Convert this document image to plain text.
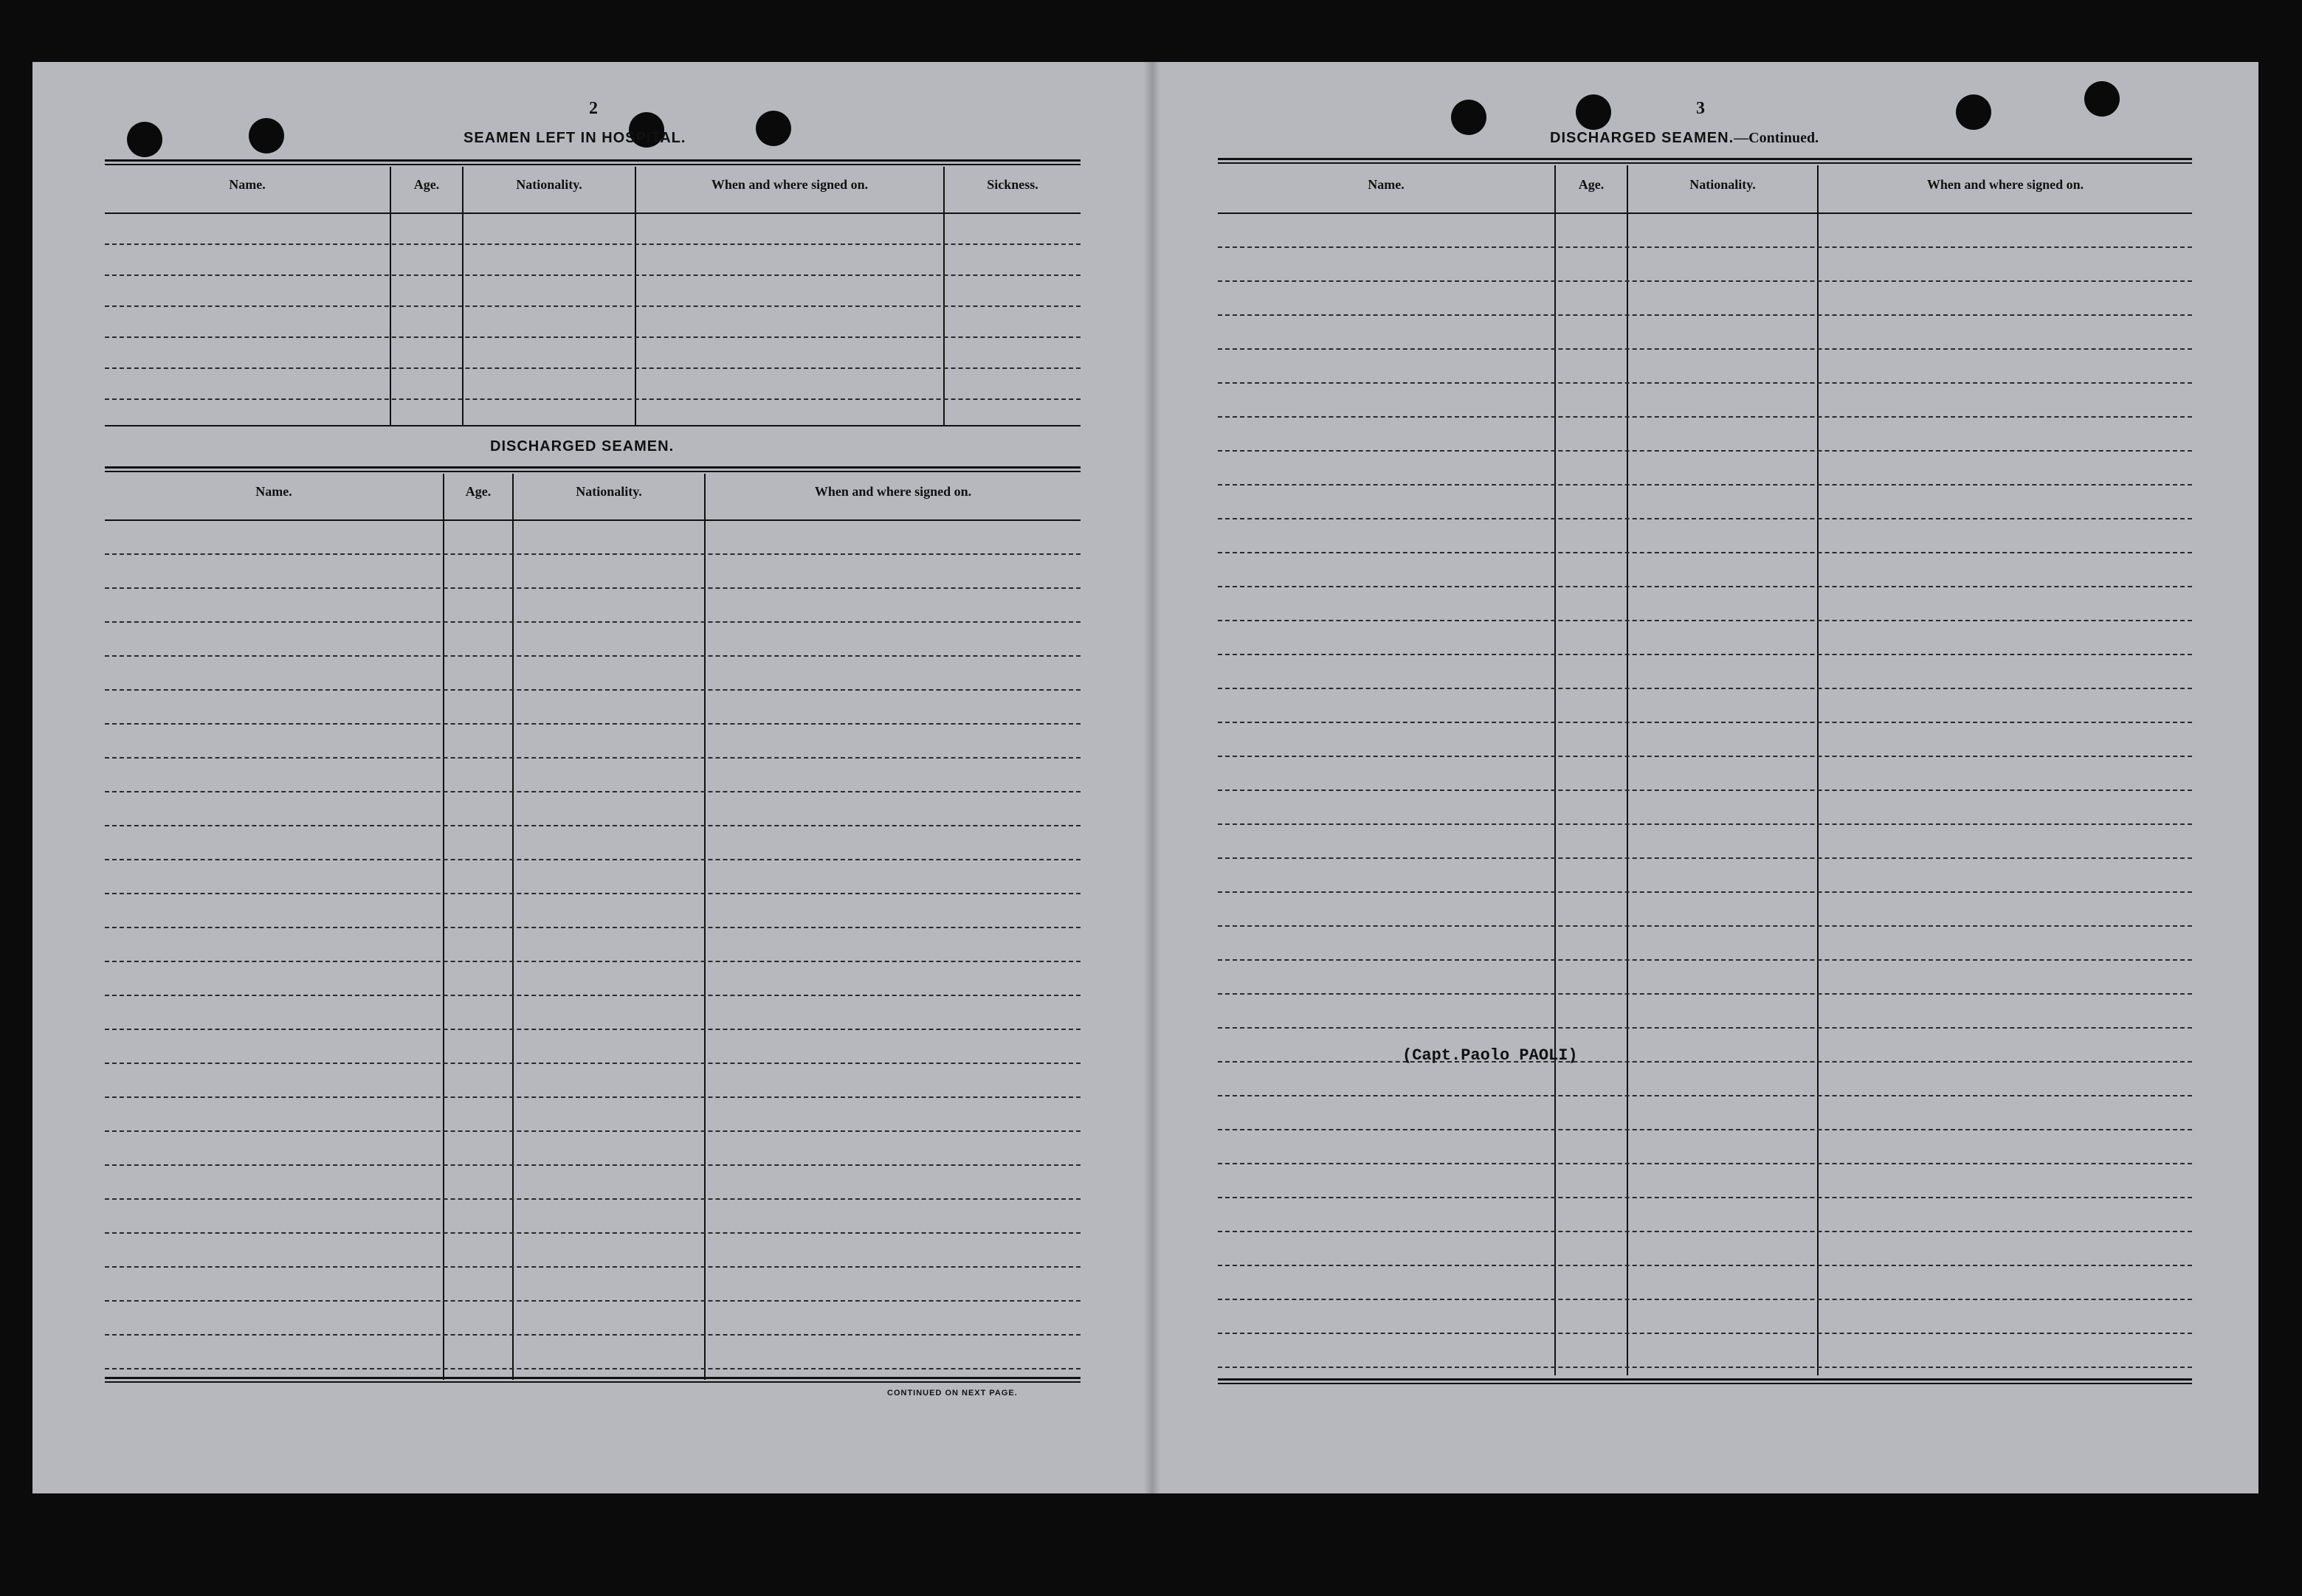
2
SEAMEN LEFT IN HOSPITAL.
Name.	Age.	Nationality.	When and where signed on.	Sickness.
DISCHARGED SEAMEN.
Name.	Age.	Nationality.	When and where signed on.
CONTINUED ON NEXT PAGE.
3
DISCHARGED SEAMEN.—Continued.
Name.	Age.	Nationality.	When and where signed on.
(Capt.Paolo PAOLI)
